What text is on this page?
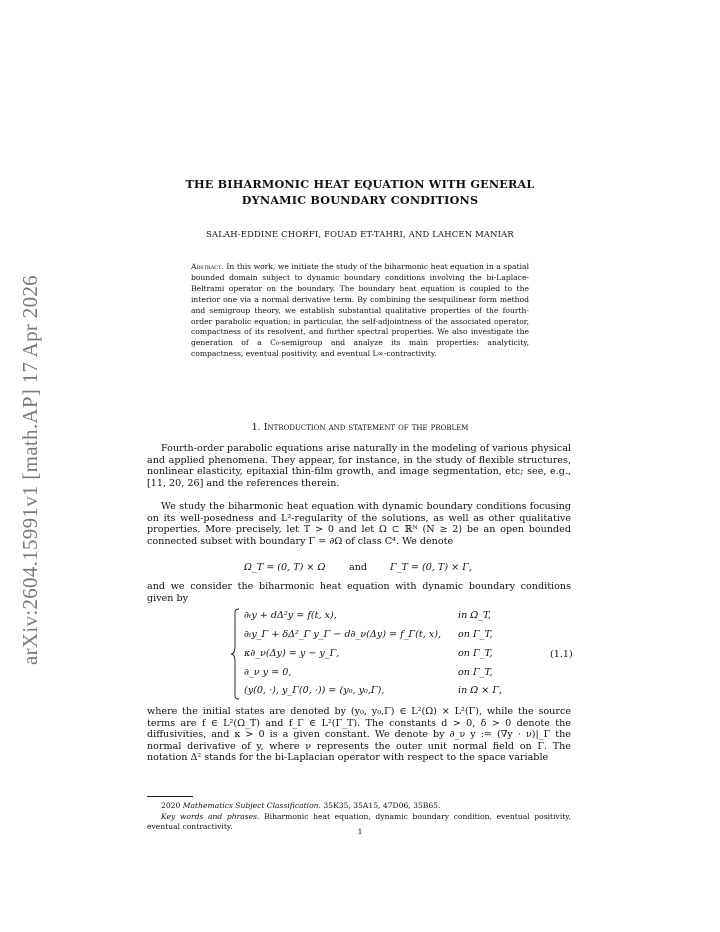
arXiv:2604.15991v1 [math.AP] 17 Apr 2026
THE BIHARMONIC HEAT EQUATION WITH GENERAL
DYNAMIC BOUNDARY CONDITIONS
SALAH-EDDINE CHORFI, FOUAD ET-TAHRI, AND LAHCEN MANIAR
Abstract. In this work, we initiate the study of the biharmonic heat equation in a spatial bounded domain subject to dynamic boundary conditions involving the bi-Laplace-Beltrami operator on the boundary. The boundary heat equation is coupled to the interior one via a normal derivative term. By combining the sesquilinear form method and semigroup theory, we establish substantial qualitative properties of the fourth-order parabolic equation; in particular, the self-adjointness of the associated operator, compactness of its resolvent, and further spectral properties. We also investigate the generation of a C₀-semigroup and analyze its main properties: analyticity, compactness, eventual positivity, and eventual L∞-contractivity.
1. Introduction and statement of the problem
Fourth-order parabolic equations arise naturally in the modeling of various physical and applied phenomena. They appear, for instance, in the study of flexible structures, nonlinear elasticity, epitaxial thin-film growth, and image segmentation, etc; see, e.g., [11, 20, 26] and the references therein.
We study the biharmonic heat equation with dynamic boundary conditions focusing on its well-posedness and L²-regularity of the solutions, as well as other qualitative properties. More precisely, let T > 0 and let Ω ⊂ ℝᴺ (N ≥ 2) be an open bounded connected subset with boundary Γ = ∂Ω of class C⁴. We denote
Ω_T = (0, T) × Ω and Γ_T = (0, T) × Γ,
and we consider the biharmonic heat equation with dynamic boundary conditions given by
∂ₜy + dΔ²y = f(t, x),	in Ω_T,
∂ₜy_Γ + δΔ²_Γ y_Γ − d∂_ν(Δy) = f_Γ(t, x), on Γ_T,
κ∂_ν(Δy) = y − y_Γ,	on Γ_T,
∂_ν y = 0,	on Γ_T,
(y(0, ·), y_Γ(0, ·)) = (y₀, y₀,Γ),	in Ω × Γ,
(1.1)
where the initial states are denoted by (y₀, y₀,Γ) ∈ L²(Ω) × L²(Γ), while the source terms are f ∈ L²(Ω_T) and f_Γ ∈ L²(Γ_T). The constants d > 0, δ > 0 denote the diffusivities, and κ > 0 is a given constant. We denote by ∂_ν y := (∇y · ν)|_Γ the normal derivative of y, where ν represents the outer unit normal field on Γ. The notation Δ² stands for the bi-Laplacian operator with respect to the space variable
2020 Mathematics Subject Classification. 35K35, 35A15, 47D06, 35B65.
Key words and phrases. Biharmonic heat equation, dynamic boundary condition, eventual positivity, eventual contractivity.
1
